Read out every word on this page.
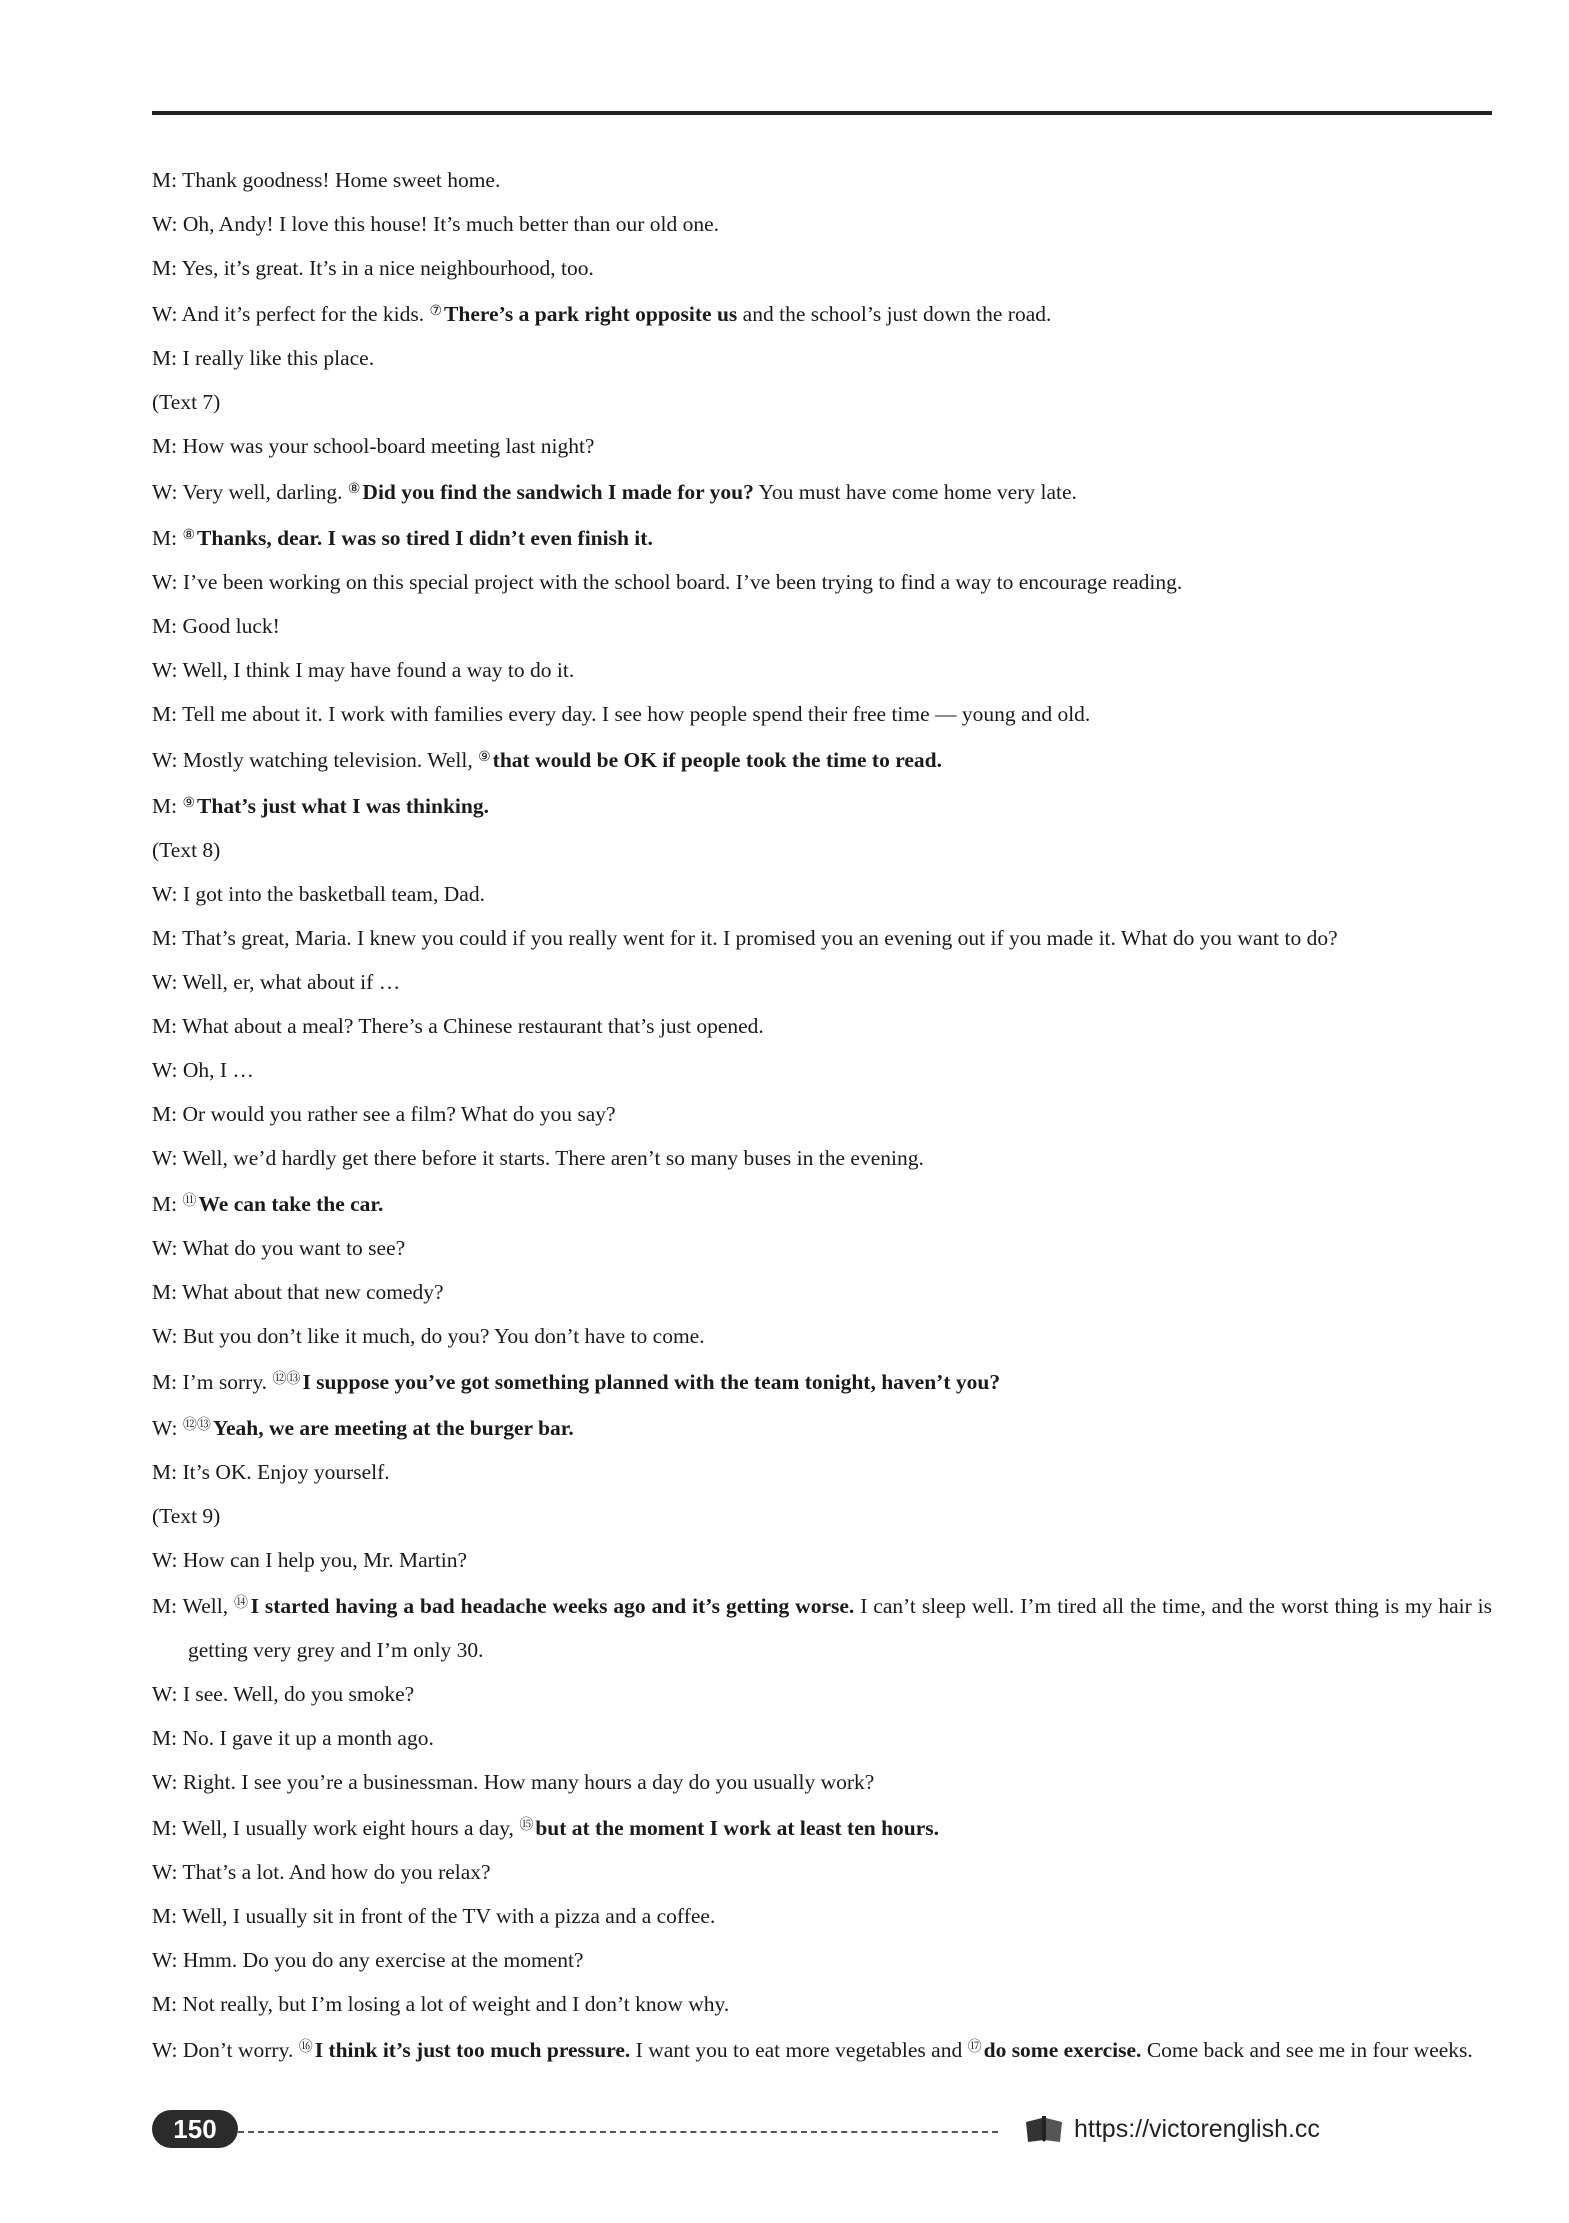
M: Thank goodness! Home sweet home.
W: Oh, Andy! I love this house! It’s much better than our old one.
M: Yes, it’s great. It’s in a nice neighbourhood, too.
W: And it’s perfect for the kids. ⑦There’s a park right opposite us and the school’s just down the road.
M: I really like this place.
(Text 7)
M: How was your school-board meeting last night?
W: Very well, darling. ⑧Did you find the sandwich I made for you? You must have come home very late.
M: ⑧Thanks, dear. I was so tired I didn’t even finish it.
W: I’ve been working on this special project with the school board. I’ve been trying to find a way to encourage reading.
M: Good luck!
W: Well, I think I may have found a way to do it.
M: Tell me about it. I work with families every day. I see how people spend their free time — young and old.
W: Mostly watching television. Well, ⑨that would be OK if people took the time to read.
M: ⑨That’s just what I was thinking.
(Text 8)
W: I got into the basketball team, Dad.
M: That’s great, Maria. I knew you could if you really went for it. I promised you an evening out if you made it. What do you want to do?
W: Well, er, what about if …
M: What about a meal? There’s a Chinese restaurant that’s just opened.
W: Oh, I …
M: Or would you rather see a film? What do you say?
W: Well, we’d hardly get there before it starts. There aren’t so many buses in the evening.
M: ⑪We can take the car.
W: What do you want to see?
M: What about that new comedy?
W: But you don’t like it much, do you? You don’t have to come.
M: I’m sorry. ⑫⑬I suppose you’ve got something planned with the team tonight, haven’t you?
W: ⑫⑬Yeah, we are meeting at the burger bar.
M: It’s OK. Enjoy yourself.
(Text 9)
W: How can I help you, Mr. Martin?
M: Well, ⑭I started having a bad headache weeks ago and it’s getting worse. I can’t sleep well. I’m tired all the time, and the worst thing is my hair is getting very grey and I’m only 30.
W: I see. Well, do you smoke?
M: No. I gave it up a month ago.
W: Right. I see you’re a businessman. How many hours a day do you usually work?
M: Well, I usually work eight hours a day, ⑮but at the moment I work at least ten hours.
W: That’s a lot. And how do you relax?
M: Well, I usually sit in front of the TV with a pizza and a coffee.
W: Hmm. Do you do any exercise at the moment?
M: Not really, but I’m losing a lot of weight and I don’t know why.
W: Don’t worry. ⑯I think it’s just too much pressure. I want you to eat more vegetables and ⑰do some exercise. Come back and see me in four weeks.
150	https://victorenglish.cc
